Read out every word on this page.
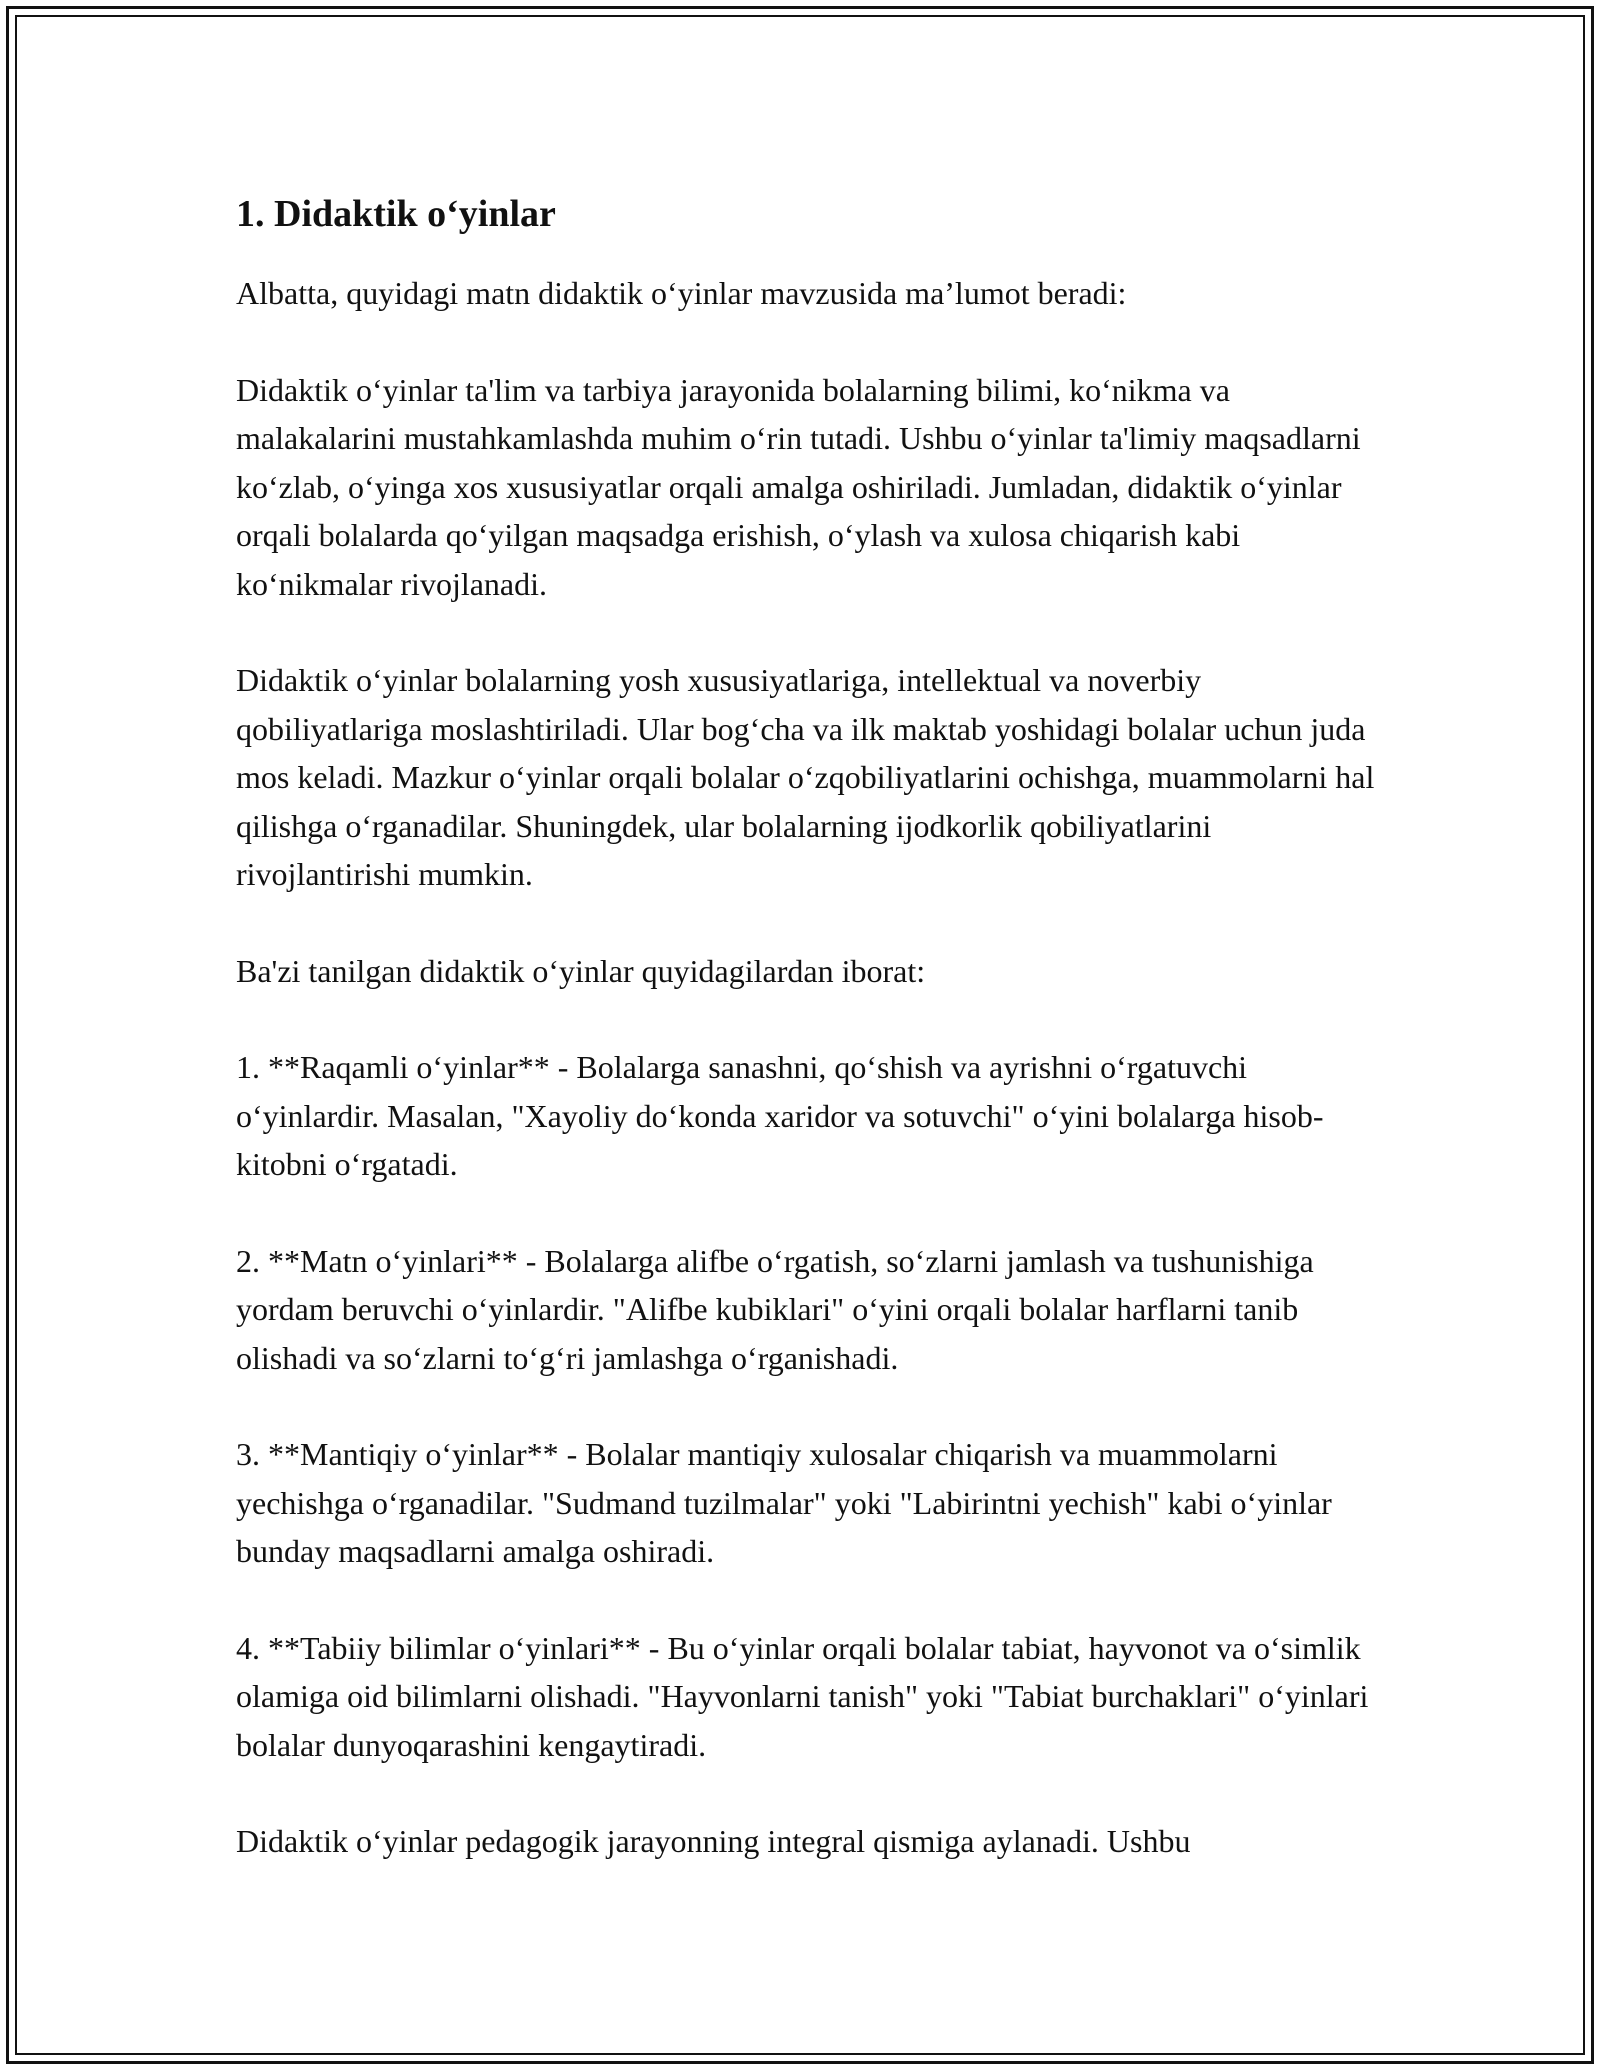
1. Didaktik o‘yinlar

Albatta, quyidagi matn didaktik o‘yinlar mavzusida ma’lumot beradi:

Didaktik o‘yinlar ta'lim va tarbiya jarayonida bolalarning bilimi, ko‘nikma va malakalarini mustahkamlashda muhim o‘rin tutadi. Ushbu o‘yinlar ta'limiy maqsadlarni ko‘zlab, o‘yinga xos xususiyatlar orqali amalga oshiriladi. Jumladan, didaktik o‘yinlar orqali bolalarda qo‘yilgan maqsadga erishish, o‘ylash va xulosa chiqarish kabi ko‘nikmalar rivojlanadi.

Didaktik o‘yinlar bolalarning yosh xususiyatlariga, intellektual va noverbiy qobiliyatlariga moslashtiriladi. Ular bog‘cha va ilk maktab yoshidagi bolalar uchun juda mos keladi. Mazkur o‘yinlar orqali bolalar o‘zqobiliyatlarini ochishga, muammolarni hal qilishga o‘rganadilar. Shuningdek, ular bolalarning ijodkorlik qobiliyatlarini rivojlantirishi mumkin.

Ba'zi tanilgan didaktik o‘yinlar quyidagilardan iborat:

1. **Raqamli o‘yinlar** - Bolalarga sanashni, qo‘shish va ayrishni o‘rgatuvchi o‘yinlardir. Masalan, "Xayoliy do‘konda xaridor va sotuvchi" o‘yini bolalarga hisob-kitobni o‘rgatadi.

2. **Matn o‘yinlari** - Bolalarga alifbe o‘rgatish, so‘zlarni jamlash va tushunishiga yordam beruvchi o‘yinlardir. "Alifbe kubiklari" o‘yini orqali bolalar harflarni tanib olishadi va so‘zlarni to‘g‘ri jamlashga o‘rganishadi.

3. **Mantiqiy o‘yinlar** - Bolalar mantiqiy xulosalar chiqarish va muammolarni yechishga o‘rganadilar. "Sudmand tuzilmalar" yoki "Labirintni yechish" kabi o‘yinlar bunday maqsadlarni amalga oshiradi.

4. **Tabiiy bilimlar o‘yinlari** - Bu o‘yinlar orqali bolalar tabiat, hayvonot va o‘simlik olamiga oid bilimlarni olishadi. "Hayvonlarni tanish" yoki "Tabiat burchaklari" o‘yinlari bolalar dunyoqarashini kengaytiradi.

Didaktik o‘yinlar pedagogik jarayonning integral qismiga aylanadi. Ushbu
